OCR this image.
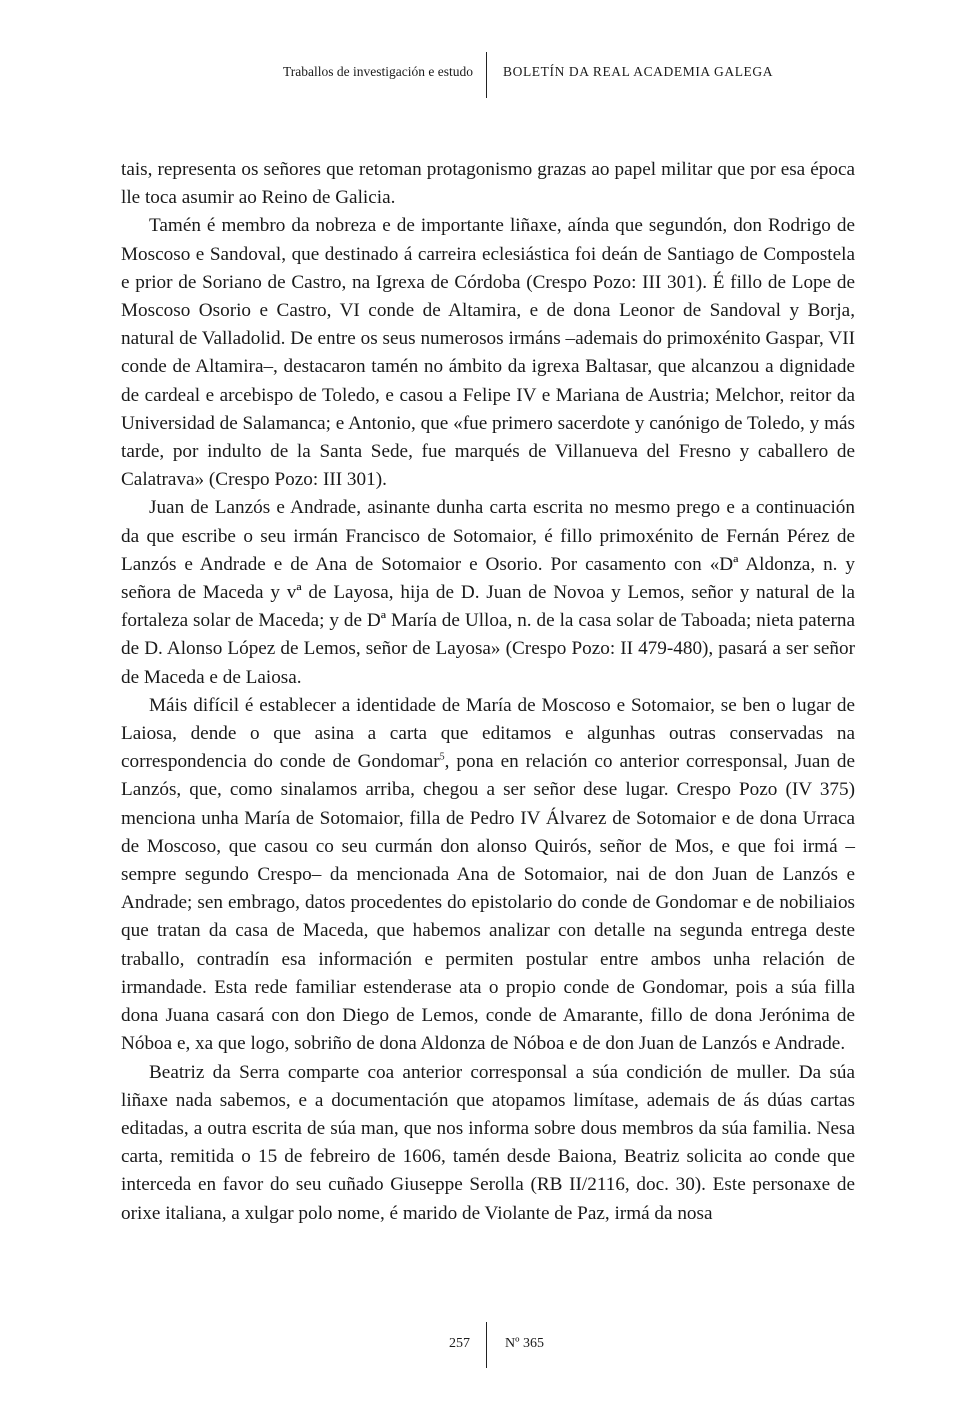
Traballos de investigación e estudo BOLETÍN DA REAL ACADEMIA GALEGA

tais, representa os señores que retoman protagonismo grazas ao papel militar que por esa época lle toca asumir ao Reino de Galicia.

Tamén é membro da nobreza e de importante liñaxe, aínda que segundón, don Rodrigo de Moscoso e Sandoval, que destinado á carreira eclesiástica foi deán de Santiago de Compostela e prior de Soriano de Castro, na Igrexa de Córdoba (Crespo Pozo: III 301). É fillo de Lope de Moscoso Osorio e Castro, VI conde de Altamira, e de dona Leonor de Sandoval y Borja, natural de Valladolid. De entre os seus numerosos irmáns –ademais do primoxénito Gaspar, VII conde de Altamira–, destacaron tamén no ámbito da igrexa Baltasar, que alcanzou a dignidade de cardeal e arcebispo de Toledo, e casou a Felipe IV e Mariana de Austria; Melchor, reitor da Universidad de Salamanca; e Antonio, que «fue primero sacerdote y canónigo de Toledo, y más tarde, por indulto de la Santa Sede, fue marqués de Villanueva del Fresno y caballero de Calatrava» (Crespo Pozo: III 301).

Juan de Lanzós e Andrade, asinante dunha carta escrita no mesmo prego e a continuación da que escribe o seu irmán Francisco de Sotomaior, é fillo primoxénito de Fernán Pérez de Lanzós e Andrade e de Ana de Sotomaior e Osorio. Por casamento con «Dª Aldonza, n. y señora de Maceda y vª de Layosa, hija de D. Juan de Novoa y Lemos, señor y natural de la fortaleza solar de Maceda; y de Dª María de Ulloa, n. de la casa solar de Taboada; nieta paterna de D. Alonso López de Lemos, señor de Layosa» (Crespo Pozo: II 479-480), pasará a ser señor de Maceda e de Laiosa.

Máis difícil é establecer a identidade de María de Moscoso e Sotomaior, se ben o lugar de Laiosa, dende o que asina a carta que editamos e algunhas outras conservadas na correspondencia do conde de Gondomar$^5$, pona en relación co anterior corresponsal, Juan de Lanzós, que, como sinalamos arriba, chegou a ser señor dese lugar. Crespo Pozo (IV 375) menciona unha María de Sotomaior, filla de Pedro IV Álvarez de Sotomaior e de dona Urraca de Moscoso, que casou co seu curmán don alonso Quirós, señor de Mos, e que foi irmá –sempre segundo Crespo– da mencionada Ana de Sotomaior, nai de don Juan de Lanzós e Andrade; sen embrago, datos procedentes do epistolario do conde de Gondomar e de nobiliaios que tratan da casa de Maceda, que habemos analizar con detalle na segunda entrega deste traballo, contradín esa información e permiten postular entre ambos unha relación de irmandade. Esta rede familiar estenderase ata o propio conde de Gondomar, pois a súa filla dona Juana casará con don Diego de Lemos, conde de Amarante, fillo de dona Jerónima de Nóboa e, xa que logo, sobriño de dona Aldonza de Nóboa e de don Juan de Lanzós e Andrade.

Beatriz da Serra comparte coa anterior corresponsal a súa condición de muller. Da súa liñaxe nada sabemos, e a documentación que atopamos limítase, ademais de ás dúas cartas editadas, a outra escrita de súa man, que nos informa sobre dous membros da súa familia. Nesa carta, remitida o 15 de febreiro de 1606, tamén desde Baiona, Beatriz solicita ao conde que interceda en favor do seu cuñado Giuseppe Serolla (RB II/2116, doc. 30). Este personaxe de orixe italiana, a xulgar polo nome, é marido de Violante de Paz, irmá da nosa

257	Nº 365
